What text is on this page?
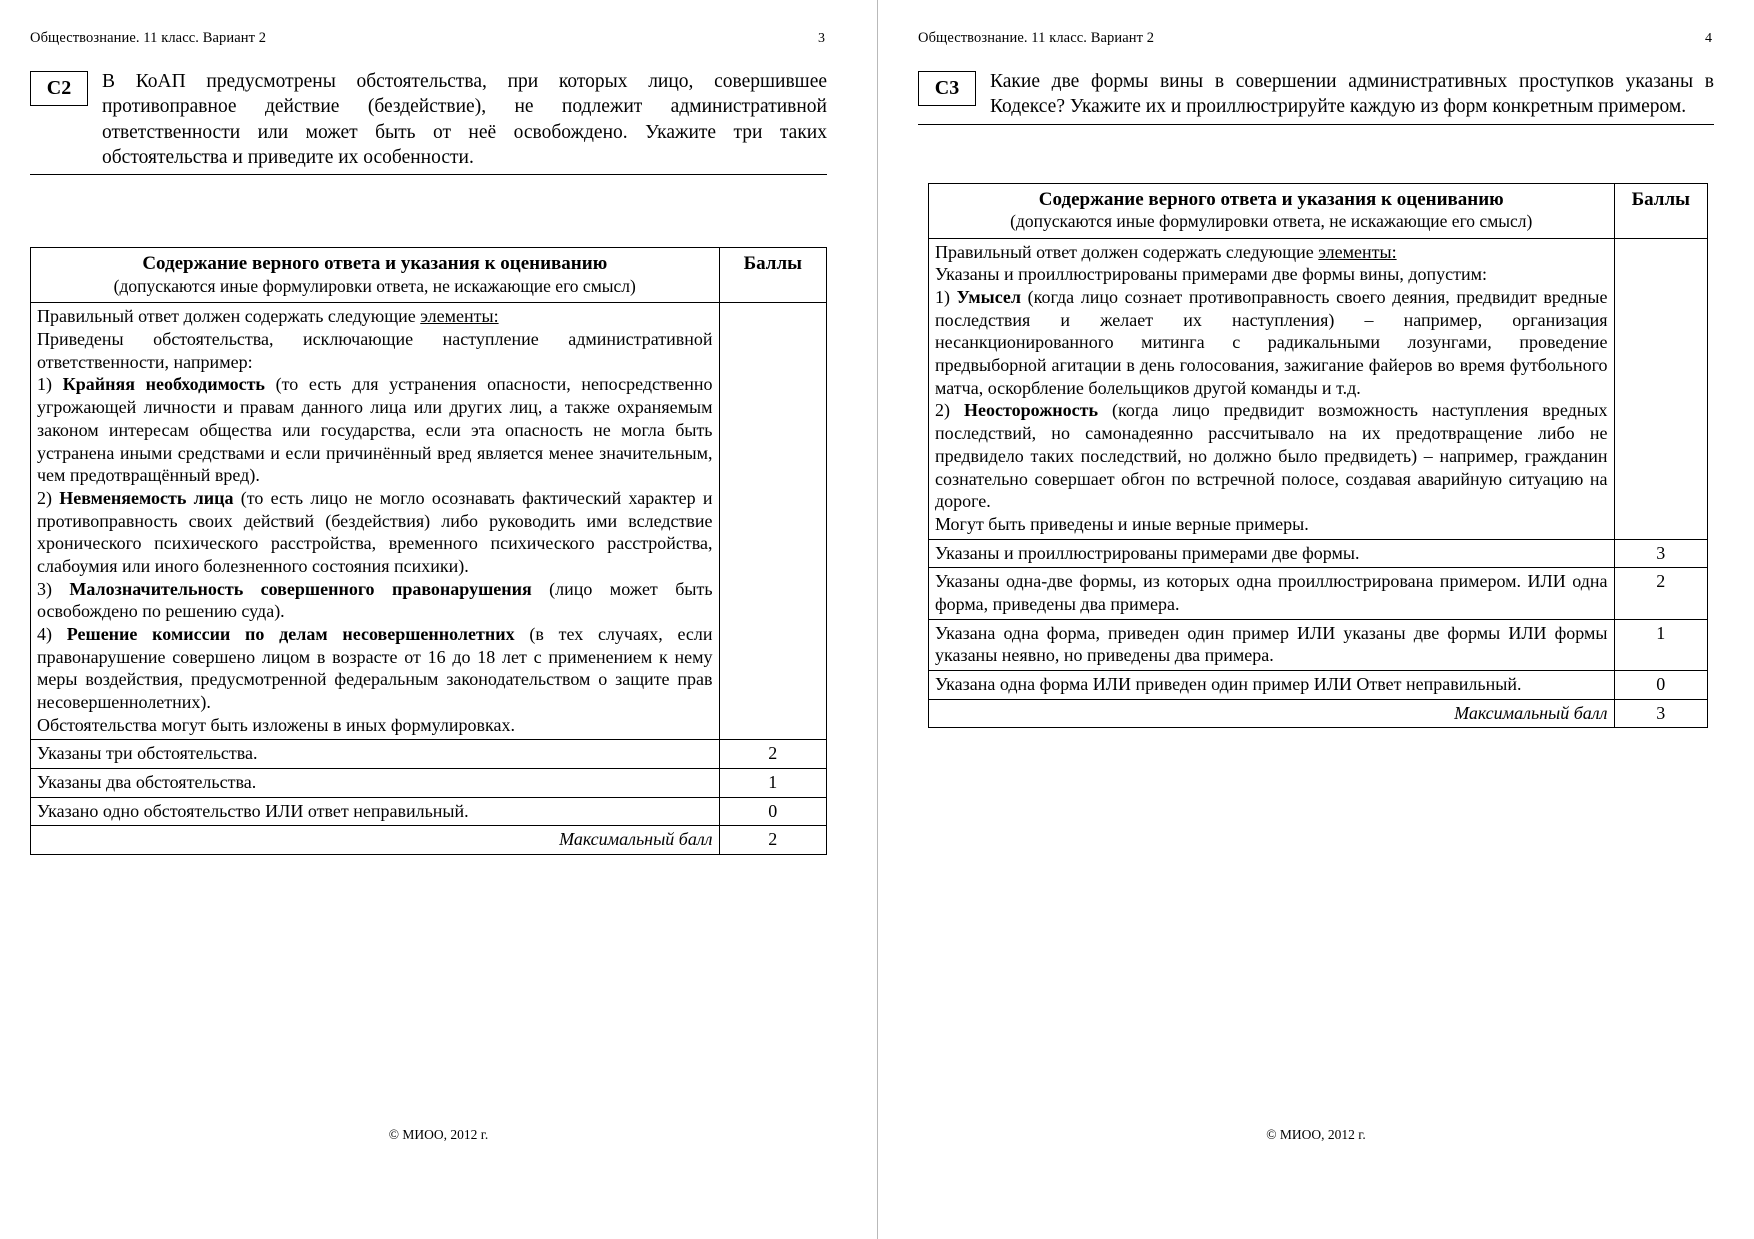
Обществознание. 11 класс. Вариант 2	3
C2	В КоАП предусмотрены обстоятельства, при которых лицо, совершившее противоправное действие (бездействие), не подлежит административной ответственности или может быть от неё освобождено. Укажите три таких обстоятельства и приведите их особенности.
Содержание верного ответа и указания к оцениванию
(допускаются иные формулировки ответа, не искажающие его смысл)	Баллы

Правильный ответ должен содержать следующие элементы:

Приведены обстоятельства, исключающие наступление административной ответственности, например:

1) Крайняя необходимость (то есть для устранения опасности, непосредственно угрожающей личности и правам данного лица или других лиц, а также охраняемым законом интересам общества или государства, если эта опасность не могла быть устранена иными средствами и если причинённый вред является менее значительным, чем предотвращённый вред).

2) Невменяемость лица (то есть лицо не могло осознавать фактический характер и противоправность своих действий (бездействия) либо руководить ими вследствие хронического психического расстройства, временного психического расстройства, слабоумия или иного болезненного состояния психики).

3) Малозначительность совершенного правонарушения (лицо может быть освобождено по решению суда).

4) Решение комиссии по делам несовершеннолетних (в тех случаях, если правонарушение совершено лицом в возрасте от 16 до 18 лет с применением к нему меры воздействия, предусмотренной федеральным законодательством о защите прав несовершеннолетних).

Обстоятельства могут быть изложены в иных формулировках.

Указаны три обстоятельства.	2
Указаны два обстоятельства.	1
Указано одно обстоятельство ИЛИ ответ неправильный.	0
Максимальный балл	2
© МИОО, 2012 г.
Обществознание. 11 класс. Вариант 2	4
C3	Какие две формы вины в совершении административных проступков указаны в Кодексе? Укажите их и проиллюстрируйте каждую из форм конкретным примером.
Содержание верного ответа и указания к оцениванию
(допускаются иные формулировки ответа, не искажающие его смысл)	Баллы

Правильный ответ должен содержать следующие элементы:

Указаны и проиллюстрированы примерами две формы вины, допустим:

1) Умысел (когда лицо сознает противоправность своего деяния, предвидит вредные последствия и желает их наступления) – например, организация несанкционированного митинга с радикальными лозунгами, проведение предвыборной агитации в день голосования, зажигание файеров во время футбольного матча, оскорбление болельщиков другой команды и т.д.

2) Неосторожность (когда лицо предвидит возможность наступления вредных последствий, но самонадеянно рассчитывало на их предотвращение либо не предвидело таких последствий, но должно было предвидеть) – например, гражданин сознательно совершает обгон по встречной полосе, создавая аварийную ситуацию на дороге.

Могут быть приведены и иные верные примеры.	

Указаны и проиллюстрированы примерами две формы.	3
Указаны одна-две формы, из которых одна проиллюстрирована примером. ИЛИ одна форма, приведены два примера.	2
Указана одна форма, приведен один пример ИЛИ указаны две формы ИЛИ формы указаны неявно, но приведены два примера.	1
Указана одна форма ИЛИ приведен один пример ИЛИ Ответ неправильный.	0
Максимальный балл	3
© МИОО, 2012 г.
